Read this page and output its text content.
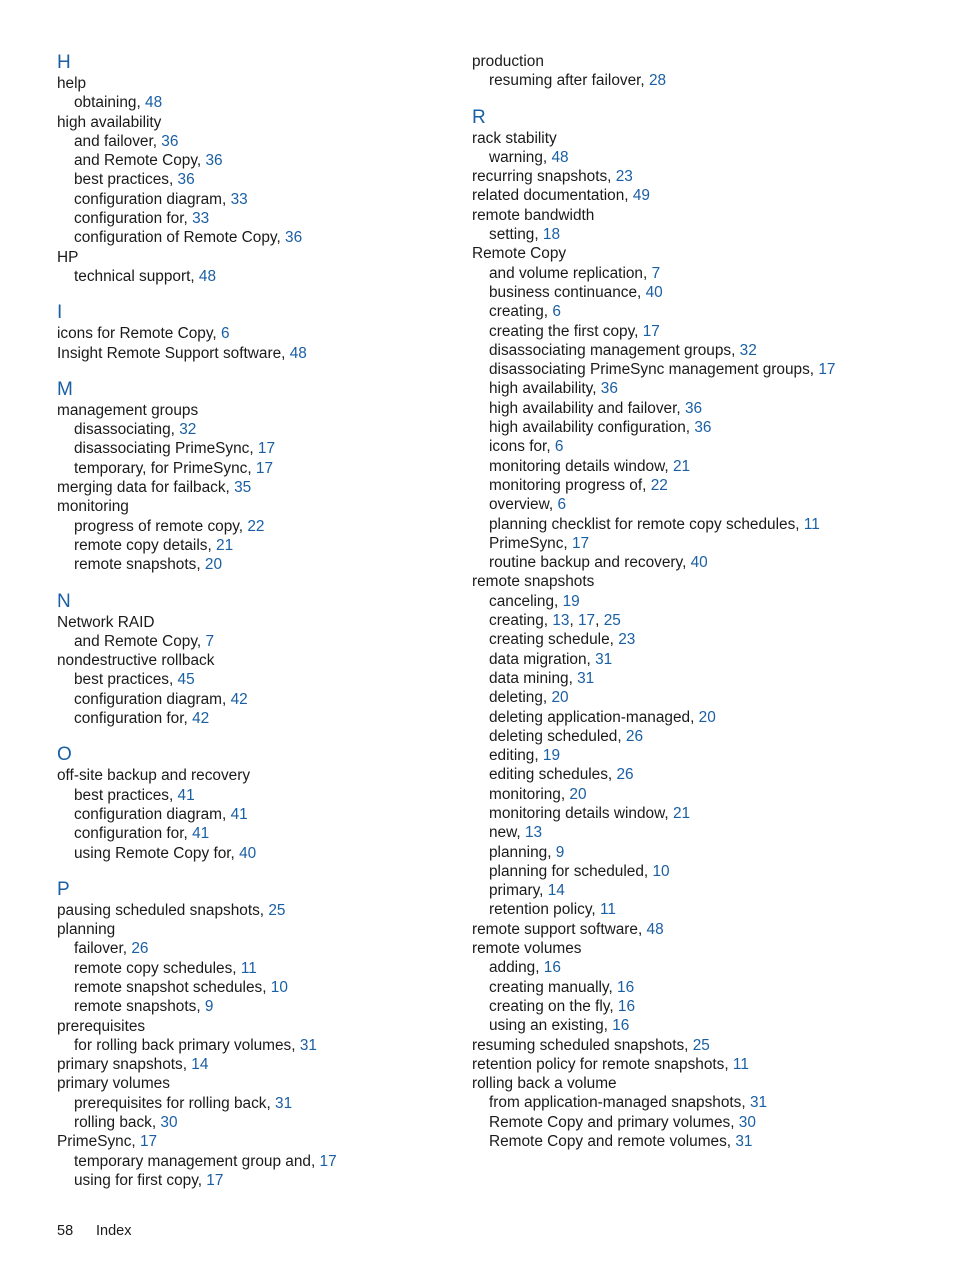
H
help
obtaining, 48
high availability
and failover, 36
and Remote Copy, 36
best practices, 36
configuration diagram, 33
configuration for, 33
configuration of Remote Copy, 36
HP
technical support, 48
I
icons for Remote Copy, 6
Insight Remote Support software, 48
M
management groups
disassociating, 32
disassociating PrimeSync, 17
temporary, for PrimeSync, 17
merging data for failback, 35
monitoring
progress of remote copy, 22
remote copy details, 21
remote snapshots, 20
N
Network RAID
and Remote Copy, 7
nondestructive rollback
best practices, 45
configuration diagram, 42
configuration for, 42
O
off-site backup and recovery
best practices, 41
configuration diagram, 41
configuration for, 41
using Remote Copy for, 40
P
pausing scheduled snapshots, 25
planning
failover, 26
remote copy schedules, 11
remote snapshot schedules, 10
remote snapshots, 9
prerequisites
for rolling back primary volumes, 31
primary snapshots, 14
primary volumes
prerequisites for rolling back, 31
rolling back, 30
PrimeSync, 17
temporary management group and, 17
using for first copy, 17
production
resuming after failover, 28
R
rack stability
warning, 48
recurring snapshots, 23
related documentation, 49
remote bandwidth
setting, 18
Remote Copy
and volume replication, 7
business continuance, 40
creating, 6
creating the first copy, 17
disassociating management groups, 32
disassociating PrimeSync management groups, 17
high availability, 36
high availability and failover, 36
high availability configuration, 36
icons for, 6
monitoring details window, 21
monitoring progress of, 22
overview, 6
planning checklist for remote copy schedules, 11
PrimeSync, 17
routine backup and recovery, 40
remote snapshots
canceling, 19
creating, 13, 17, 25
creating schedule, 23
data migration, 31
data mining, 31
deleting, 20
deleting application-managed, 20
deleting scheduled, 26
editing, 19
editing schedules, 26
monitoring, 20
monitoring details window, 21
new, 13
planning, 9
planning for scheduled, 10
primary, 14
retention policy, 11
remote support software, 48
remote volumes
adding, 16
creating manually, 16
creating on the fly, 16
using an existing, 16
resuming scheduled snapshots, 25
retention policy for remote snapshots, 11
rolling back a volume
from application-managed snapshots, 31
Remote Copy and primary volumes, 30
Remote Copy and remote volumes, 31
58 Index
